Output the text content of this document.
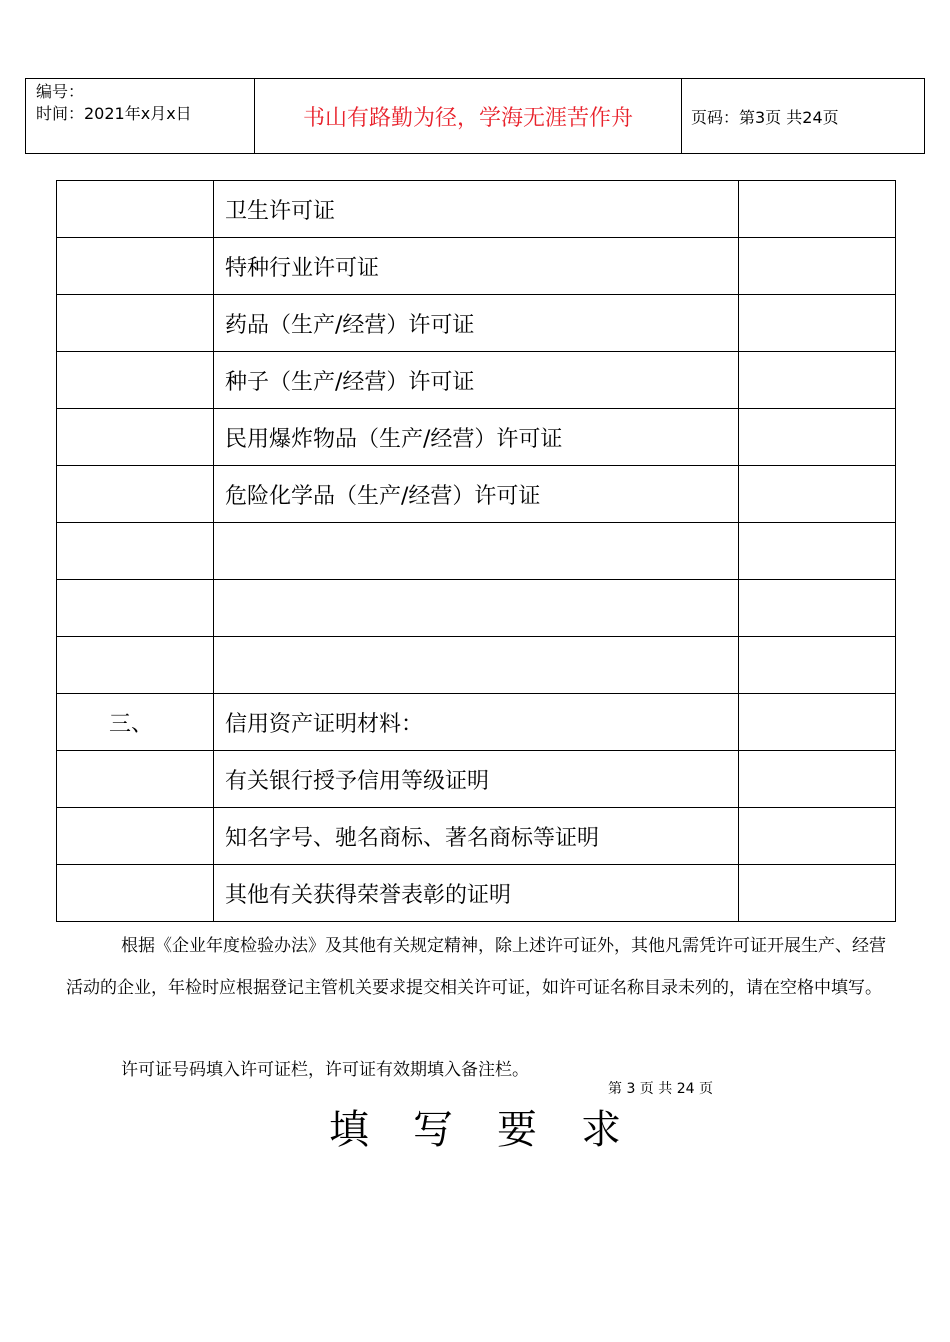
编号：
时间：2021年x月x日	书山有路勤为径，学海无涯苦作舟	页码：第3页 共24页
	卫生许可证	
	特种行业许可证	
	药品（生产/经营）许可证	
	种子（生产/经营）许可证	
	民用爆炸物品（生产/经营）许可证	
	危险化学品（生产/经营）许可证	

三、	信用资产证明材料：	
	有关银行授予信用等级证明	
	知名字号、驰名商标、著名商标等证明	
	其他有关获得荣誉表彰的证明	
根据《企业年度检验办法》及其他有关规定精神，除上述许可证外，其他凡需凭许可证开展生产、经营活动的企业，年检时应根据登记主管机关要求提交相关许可证，如许可证名称目录未列的，请在空格中填写。
许可证号码填入许可证栏，许可证有效期填入备注栏。
第 3 页 共 24 页
填写要求
